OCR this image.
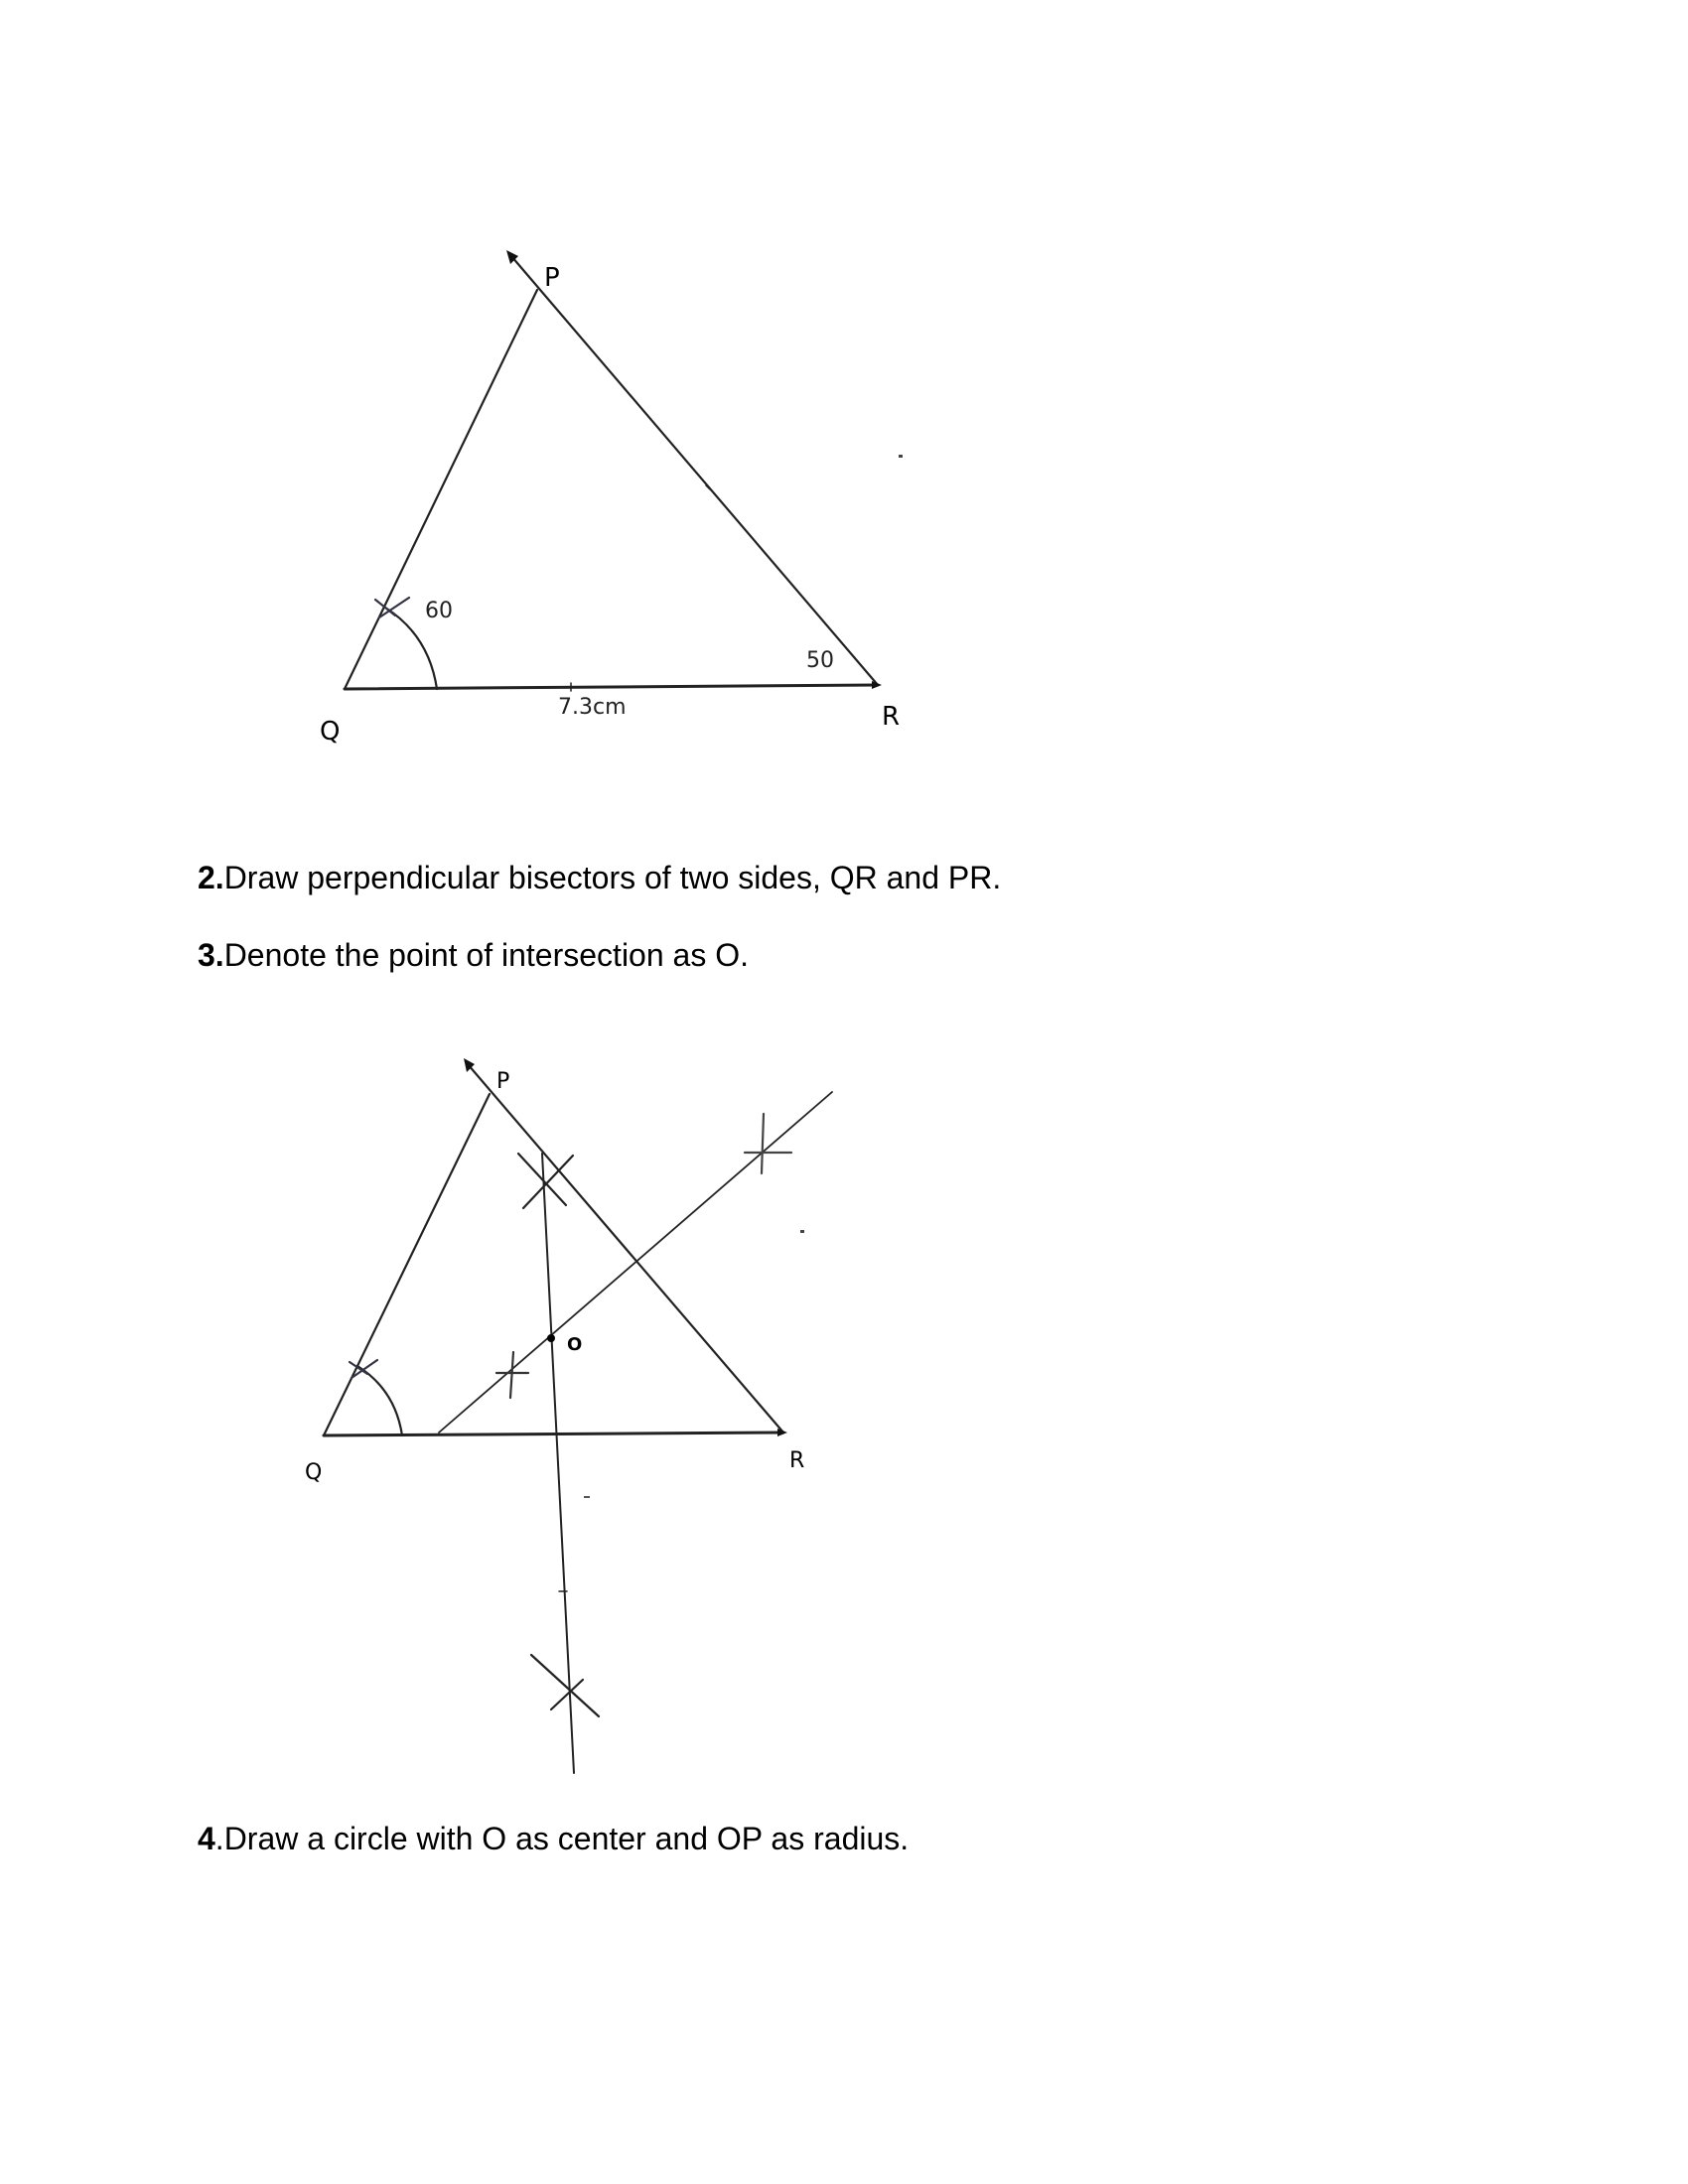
P
Q	R
60
50
7.3cm
2.Draw perpendicular bisectors of two sides, QR and PR.
3.Denote the point of intersection as O.
P
Q	R
O
4.Draw a circle with O as center and OP as radius.
